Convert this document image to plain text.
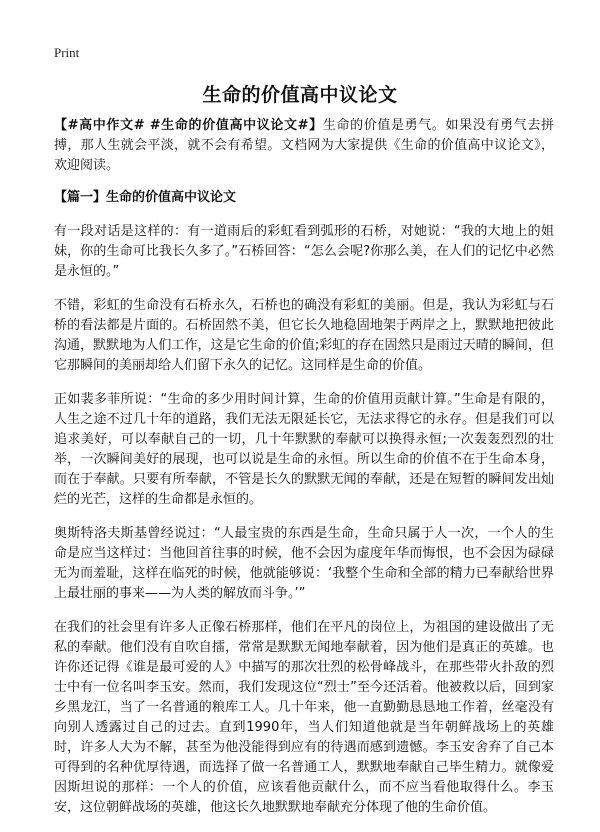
Print
生命的价值高中议论文

【#高中作文# #生命的价值高中议论文#】生命的价值是勇气。如果没有勇气去拼搏，那人生就会平淡，就不会有希望。文档网为大家提供《生命的价值高中议论文》，欢迎阅读。

【篇一】生命的价值高中议论文

有一段对话是这样的：有一道雨后的彩虹看到弧形的石桥，对她说：“我的大地上的姐妹，你的生命可比我长久多了。”石桥回答：“怎么会呢?你那么美，在人们的记忆中必然是永恒的。”

不错，彩虹的生命没有石桥永久，石桥也的确没有彩虹的美丽。但是，我认为彩虹与石桥的看法都是片面的。石桥固然不美，但它长久地稳固地架于两岸之上，默默地把彼此沟通，默默地为人们工作，这是它生命的价值;彩虹的存在固然只是雨过天晴的瞬间，但它那瞬间的美丽却给人们留下永久的记忆。这同样是生命的价值。

正如裴多菲所说：“生命的多少用时间计算，生命的价值用贡献计算。”生命是有限的，人生之途不过几十年的道路，我们无法无限延长它，无法求得它的永存。但是我们可以追求美好，可以奉献自己的一切，几十年默默的奉献可以换得永恒;一次轰轰烈烈的壮举，一次瞬间美好的展现，也可以说是生命的永恒。所以生命的价值不在于生命本身，而在于奉献。只要有所奉献，不管是长久的默默无闻的奉献，还是在短暂的瞬间发出灿烂的光芒，这样的生命都是永恒的。

奥斯特洛夫斯基曾经说过：“人最宝贵的东西是生命，生命只属于人一次，一个人的生命是应当这样过：当他回首往事的时候，他不会因为虚度年华而悔恨，也不会因为碌碌无为而羞耻，这样在临死的时候，他就能够说：‘我整个生命和全部的精力已奉献给世界上最壮丽的事来——为人类的解放而斗争。’”

在我们的社会里有许多人正像石桥那样，他们在平凡的岗位上，为祖国的建设做出了无私的奉献。他们没有自吹自擂，常常是默默无闻地奉献着，因为他们是真正的英雄。也许你还记得《谁是最可爱的人》中描写的那次壮烈的松骨峰战斗，在那些带火扑敌的烈士中有一位名叫李玉安。然而，我们发现这位“烈士”至今还活着。他被救以后，回到家乡黑龙江，当了一名普通的粮库工人。几十年来，他一直勤勤恳恳地工作着，丝毫没有向别人透露过自己的过去。直到1990年，当人们知道他就是当年朝鲜战场上的英雄时，许多人大为不解，甚至为他没能得到应有的待遇而感到遗憾。李玉安舍弃了自己本可得到的名种优厚待遇，而选择了做一名普通工人，默默地奉献自己毕生精力。就像爱因斯坦说的那样：一个人的价值，应该看他贡献什么，而不应当看他取得什么。李玉安，这位朝鲜战场的英雄，他这长久地默默地奉献充分体现了他的生命价值。
